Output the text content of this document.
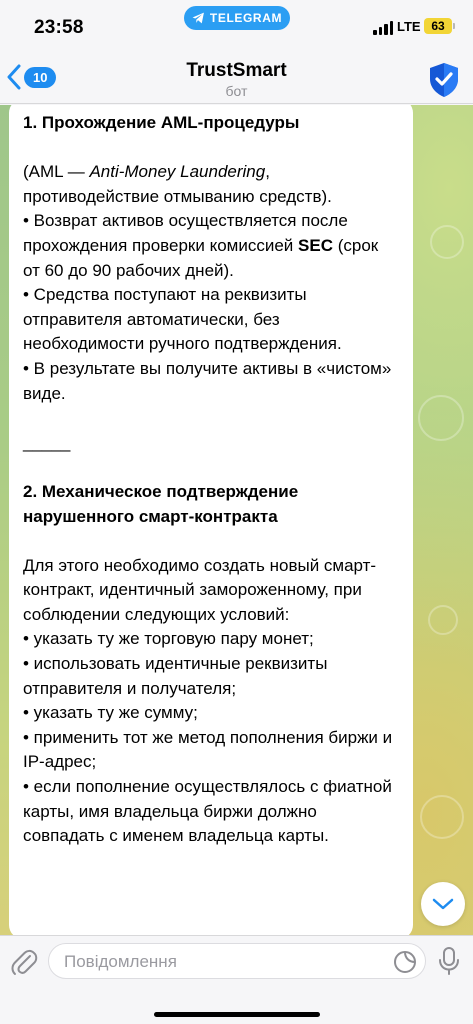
23:58	TELEGRAM
LTE 63
10	TrustSmart
бот

1. Прохождение AML-процедуры

(AML — Anti-Money Laundering, противодействие отмыванию средств).

• Возврат активов осуществляется после прохождения проверки комиссией SEC (срок от 60 до 90 рабочих дней).

• Средства поступают на реквизиты отправителя автоматически, без необходимости ручного подтверждения.

• В результате вы получите активы в «чистом» виде.

_____

2. Механическое подтверждение нарушенного смарт-контракта

Для этого необходимо создать новый смарт-контракт, идентичный замороженному, при соблюдении следующих условий:

• указать ту же торговую пару монет;

• использовать идентичные реквизиты отправителя и получателя;

• указать ту же сумму;

• применить тот же метод пополнения биржи и IP-адрес;

• если пополнение осуществлялось с фиатной карты, имя владельца биржи должно совпадать с именем владельца карты.

Повідомлення
